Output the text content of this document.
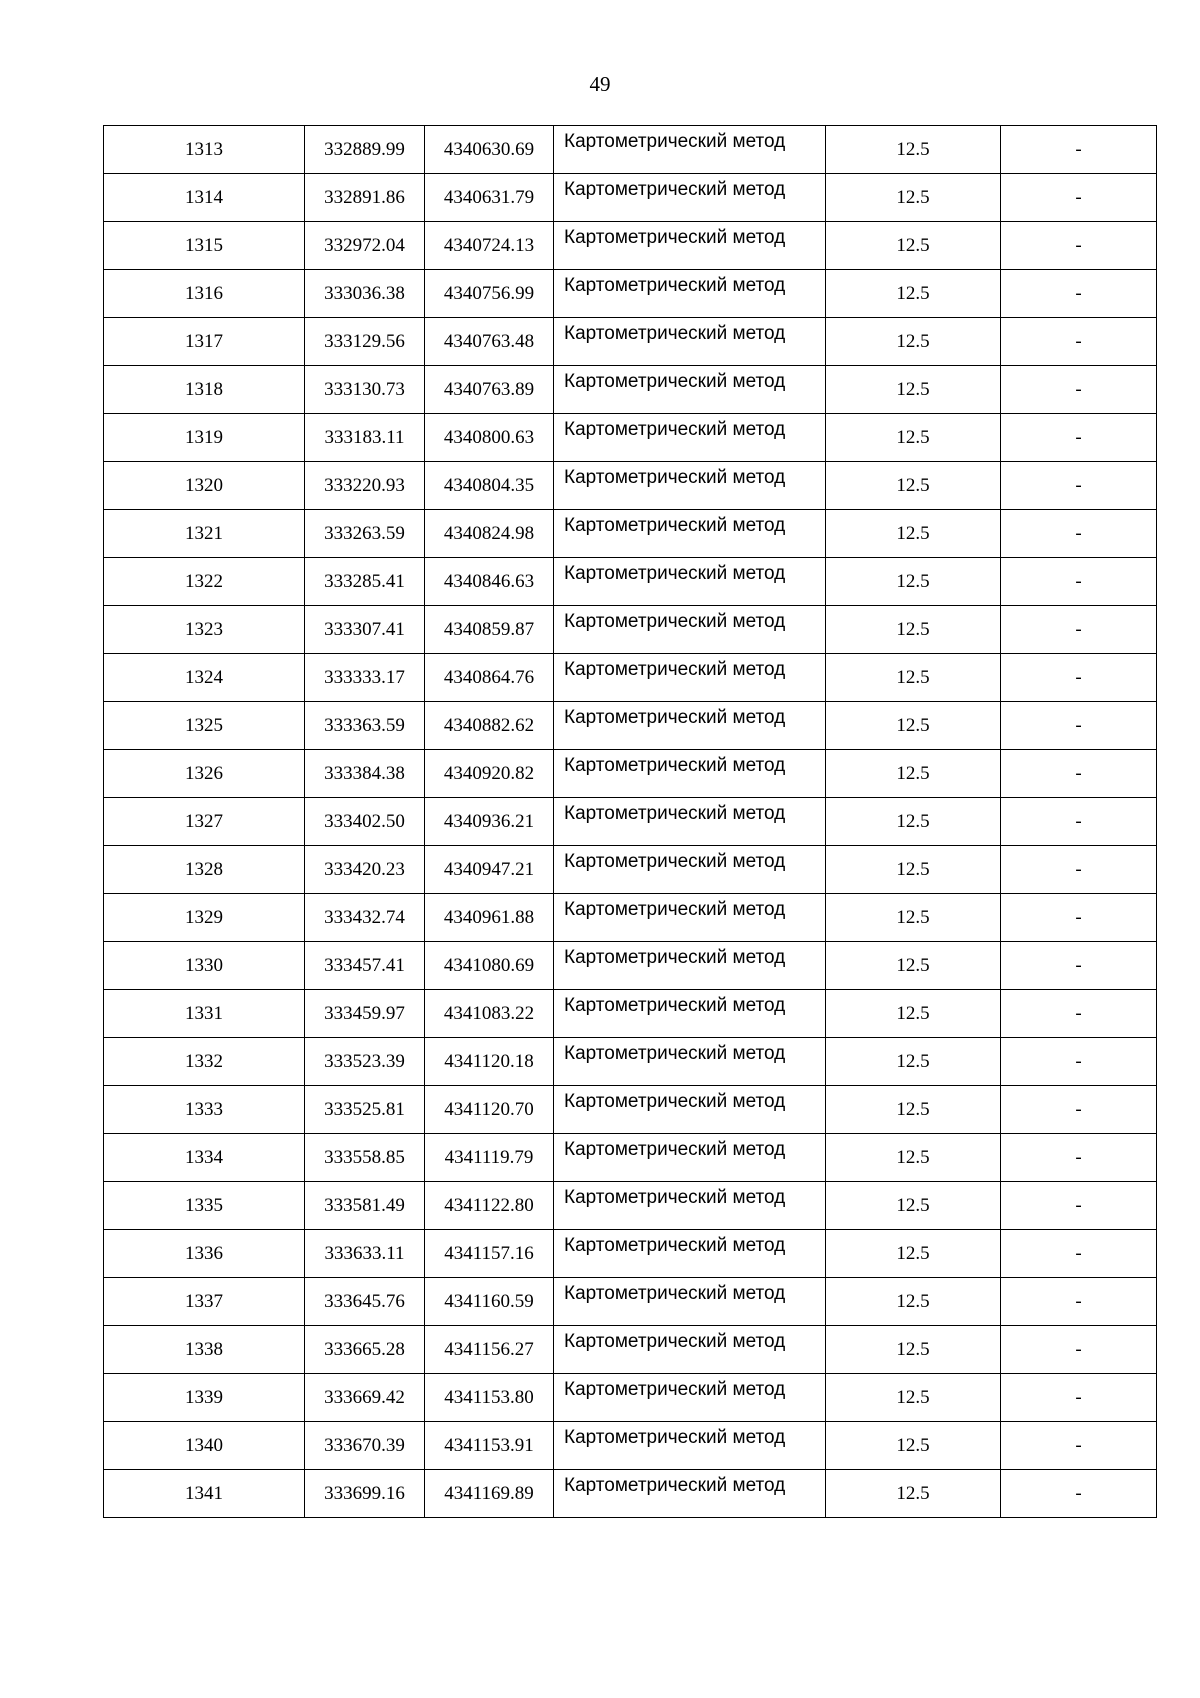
49
1313	332889.99	4340630.69	Картометрический метод	12.5	-
1314	332891.86	4340631.79	Картометрический метод	12.5	-
1315	332972.04	4340724.13	Картометрический метод	12.5	-
1316	333036.38	4340756.99	Картометрический метод	12.5	-
1317	333129.56	4340763.48	Картометрический метод	12.5	-
1318	333130.73	4340763.89	Картометрический метод	12.5	-
1319	333183.11	4340800.63	Картометрический метод	12.5	-
1320	333220.93	4340804.35	Картометрический метод	12.5	-
1321	333263.59	4340824.98	Картометрический метод	12.5	-
1322	333285.41	4340846.63	Картометрический метод	12.5	-
1323	333307.41	4340859.87	Картометрический метод	12.5	-
1324	333333.17	4340864.76	Картометрический метод	12.5	-
1325	333363.59	4340882.62	Картометрический метод	12.5	-
1326	333384.38	4340920.82	Картометрический метод	12.5	-
1327	333402.50	4340936.21	Картометрический метод	12.5	-
1328	333420.23	4340947.21	Картометрический метод	12.5	-
1329	333432.74	4340961.88	Картометрический метод	12.5	-
1330	333457.41	4341080.69	Картометрический метод	12.5	-
1331	333459.97	4341083.22	Картометрический метод	12.5	-
1332	333523.39	4341120.18	Картометрический метод	12.5	-
1333	333525.81	4341120.70	Картометрический метод	12.5	-
1334	333558.85	4341119.79	Картометрический метод	12.5	-
1335	333581.49	4341122.80	Картометрический метод	12.5	-
1336	333633.11	4341157.16	Картометрический метод	12.5	-
1337	333645.76	4341160.59	Картометрический метод	12.5	-
1338	333665.28	4341156.27	Картометрический метод	12.5	-
1339	333669.42	4341153.80	Картометрический метод	12.5	-
1340	333670.39	4341153.91	Картометрический метод	12.5	-
1341	333699.16	4341169.89	Картометрический метод	12.5	-
